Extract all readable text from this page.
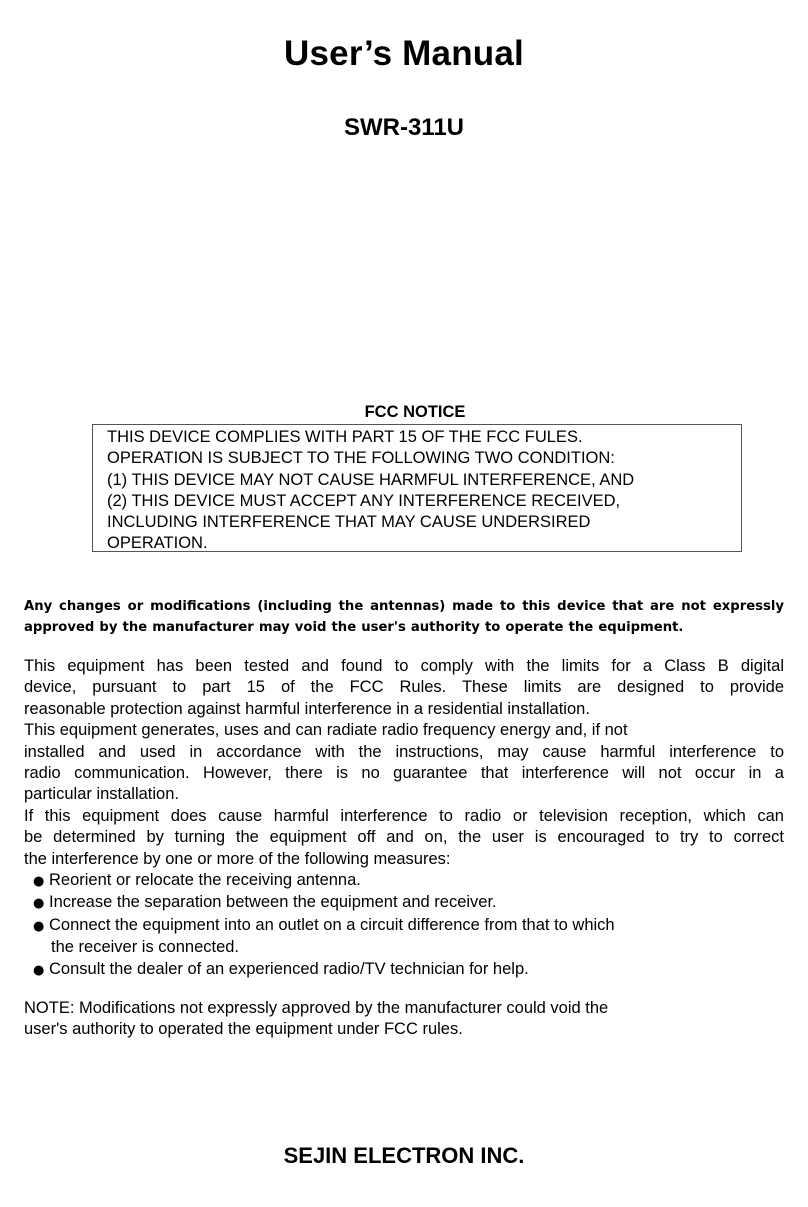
User’s Manual
SWR-311U
FCC NOTICE
THIS DEVICE COMPLIES WITH PART 15 OF THE FCC FULES.
OPERATION IS SUBJECT TO THE FOLLOWING TWO CONDITION:
(1) THIS DEVICE MAY NOT CAUSE HARMFUL INTERFERENCE, AND
(2) THIS DEVICE MUST ACCEPT ANY INTERFERENCE RECEIVED,
INCLUDING INTERFERENCE THAT MAY CAUSE UNDERSIRED
OPERATION.
Any changes or modifications (including the antennas) made to this device that are not expressly approved by the manufacturer may void the user's authority to operate the equipment.
This equipment has been tested and found to comply with the limits for a Class B digital
device, pursuant to part 15 of the FCC Rules. These limits are designed to provide
reasonable protection against harmful interference in a residential installation.
This equipment generates, uses and can radiate radio frequency energy and, if not
installed and used in accordance with the instructions, may cause harmful interference to
radio communication. However, there is no guarantee that interference will not occur in a
particular installation.
If this equipment does cause harmful interference to radio or television reception, which can
be determined by turning the equipment off and on, the user is encouraged to try to correct
the interference by one or more of the following measures:
● Reorient or relocate the receiving antenna.
● Increase the separation between the equipment and receiver.
● Connect the equipment into an outlet on a circuit difference from that to which
the receiver is connected.
● Consult the dealer of an experienced radio/TV technician for help.
NOTE: Modifications not expressly approved by the manufacturer could void the
user's authority to operated the equipment under FCC rules.
SEJIN ELECTRON INC.
